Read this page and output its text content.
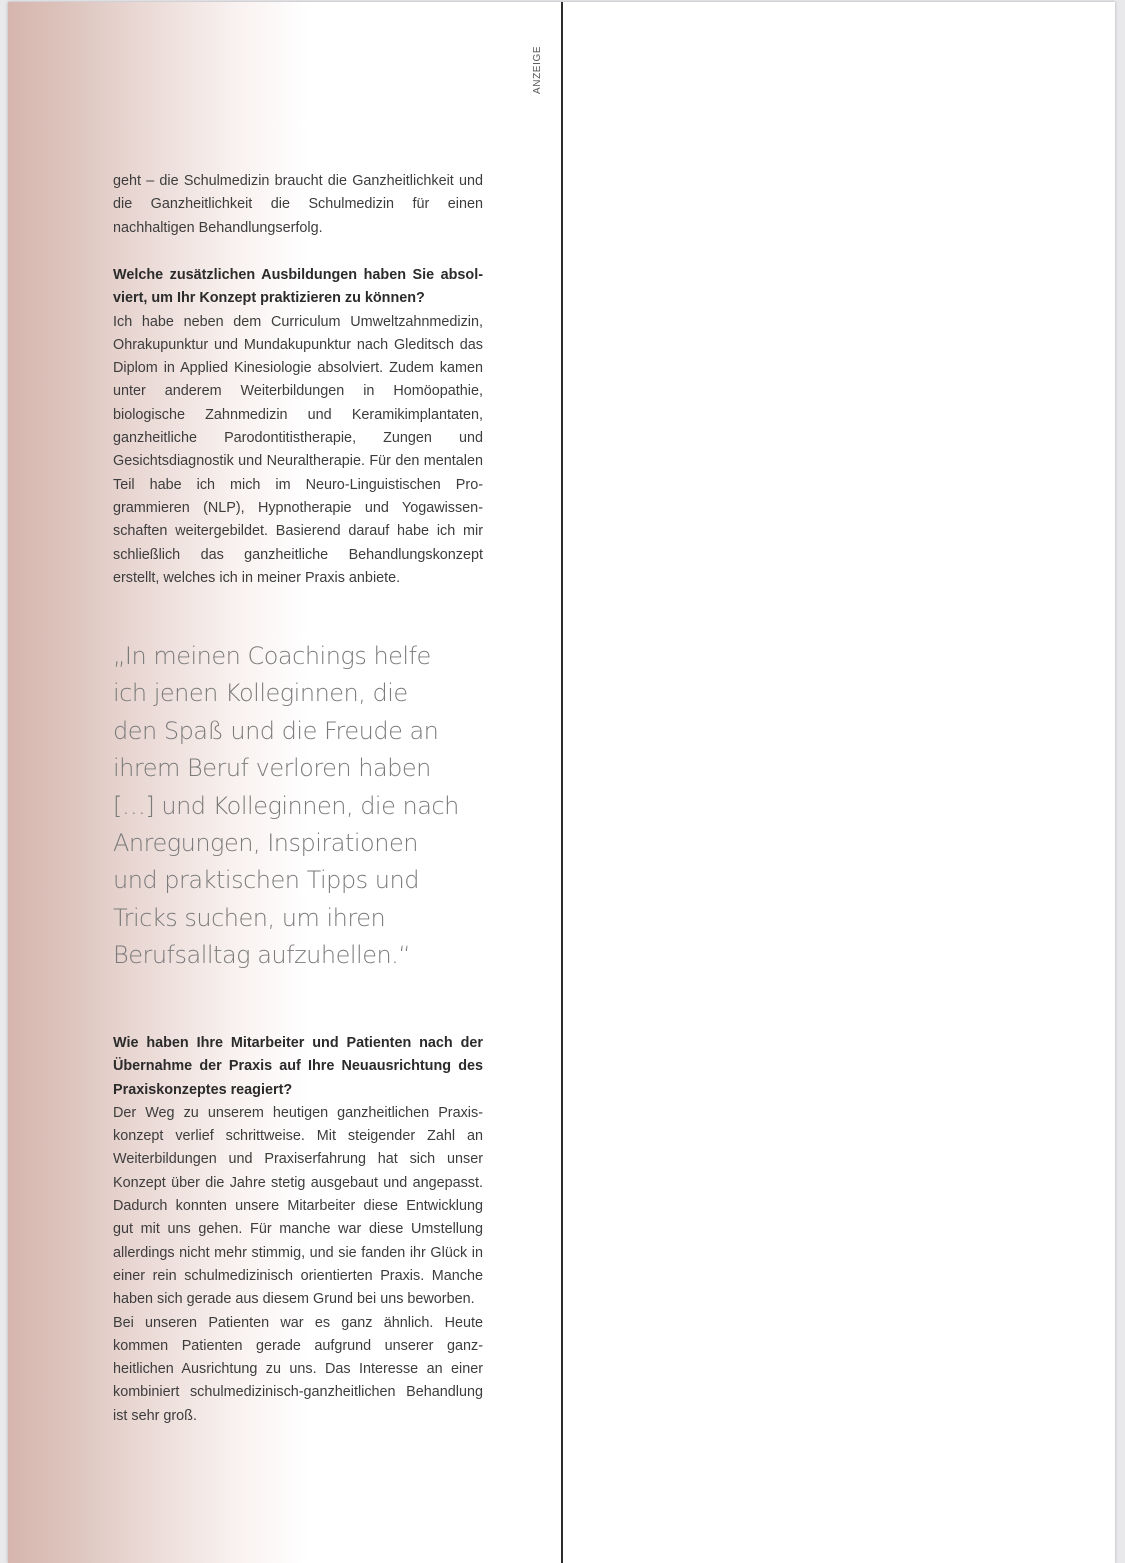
ANZEIGE

geht – die Schulmedizin braucht die Ganzheitlichkeit und die Ganzheitlichkeit die Schulmedizin für einen nachhaltigen Behandlungserfolg.

Welche zusätzlichen Ausbildungen haben Sie absolviert, um Ihr Konzept praktizieren zu können?

Ich habe neben dem Curriculum Umweltzahnmedizin, Ohrakupunktur und Mundakupunktur nach Gleditsch das Diplom in Applied Kinesiologie absolviert. Zudem kamen unter anderem Weiterbildungen in Homöopathie, biologische Zahnmedizin und Keramikimplantaten, ganzheitliche Parodontitistherapie, Zungen und Gesichtsdiagnostik und Neuraltherapie. Für den mentalen Teil habe ich mich im Neuro-Linguistischen Programmieren (NLP), Hypnotherapie und Yogawissenschaften weitergebildet. Basierend darauf habe ich mir schließlich das ganzheitliche Behandlungskonzept erstellt, welches ich in meiner Praxis anbiete.

„In meinen Coachings helfe
ich jenen Kolleginnen, die
den Spaß und die Freude an
ihrem Beruf verloren haben
[…] und Kolleginnen, die nach
Anregungen, Inspirationen
und praktischen Tipps und
Tricks suchen, um ihren
Berufsalltag aufzuhellen.“

Wie haben Ihre Mitarbeiter und Patienten nach der Übernahme der Praxis auf Ihre Neuausrichtung des Praxiskonzeptes reagiert?

Der Weg zu unserem heutigen ganzheitlichen Praxiskonzept verlief schrittweise. Mit steigender Zahl an Weiterbildungen und Praxiserfahrung hat sich unser Konzept über die Jahre stetig ausgebaut und angepasst. Dadurch konnten unsere Mitarbeiter diese Entwicklung gut mit uns gehen. Für manche war diese Umstellung allerdings nicht mehr stimmig, und sie fanden ihr Glück in einer rein schulmedizinisch orientierten Praxis. Manche haben sich gerade aus diesem Grund bei uns beworben.

Bei unseren Patienten war es ganz ähnlich. Heute kommen Patienten gerade aufgrund unserer ganzheitlichen Ausrichtung zu uns. Das Interesse an einer kombiniert schulmedizinisch-ganzheitlichen Behandlung ist sehr groß.
